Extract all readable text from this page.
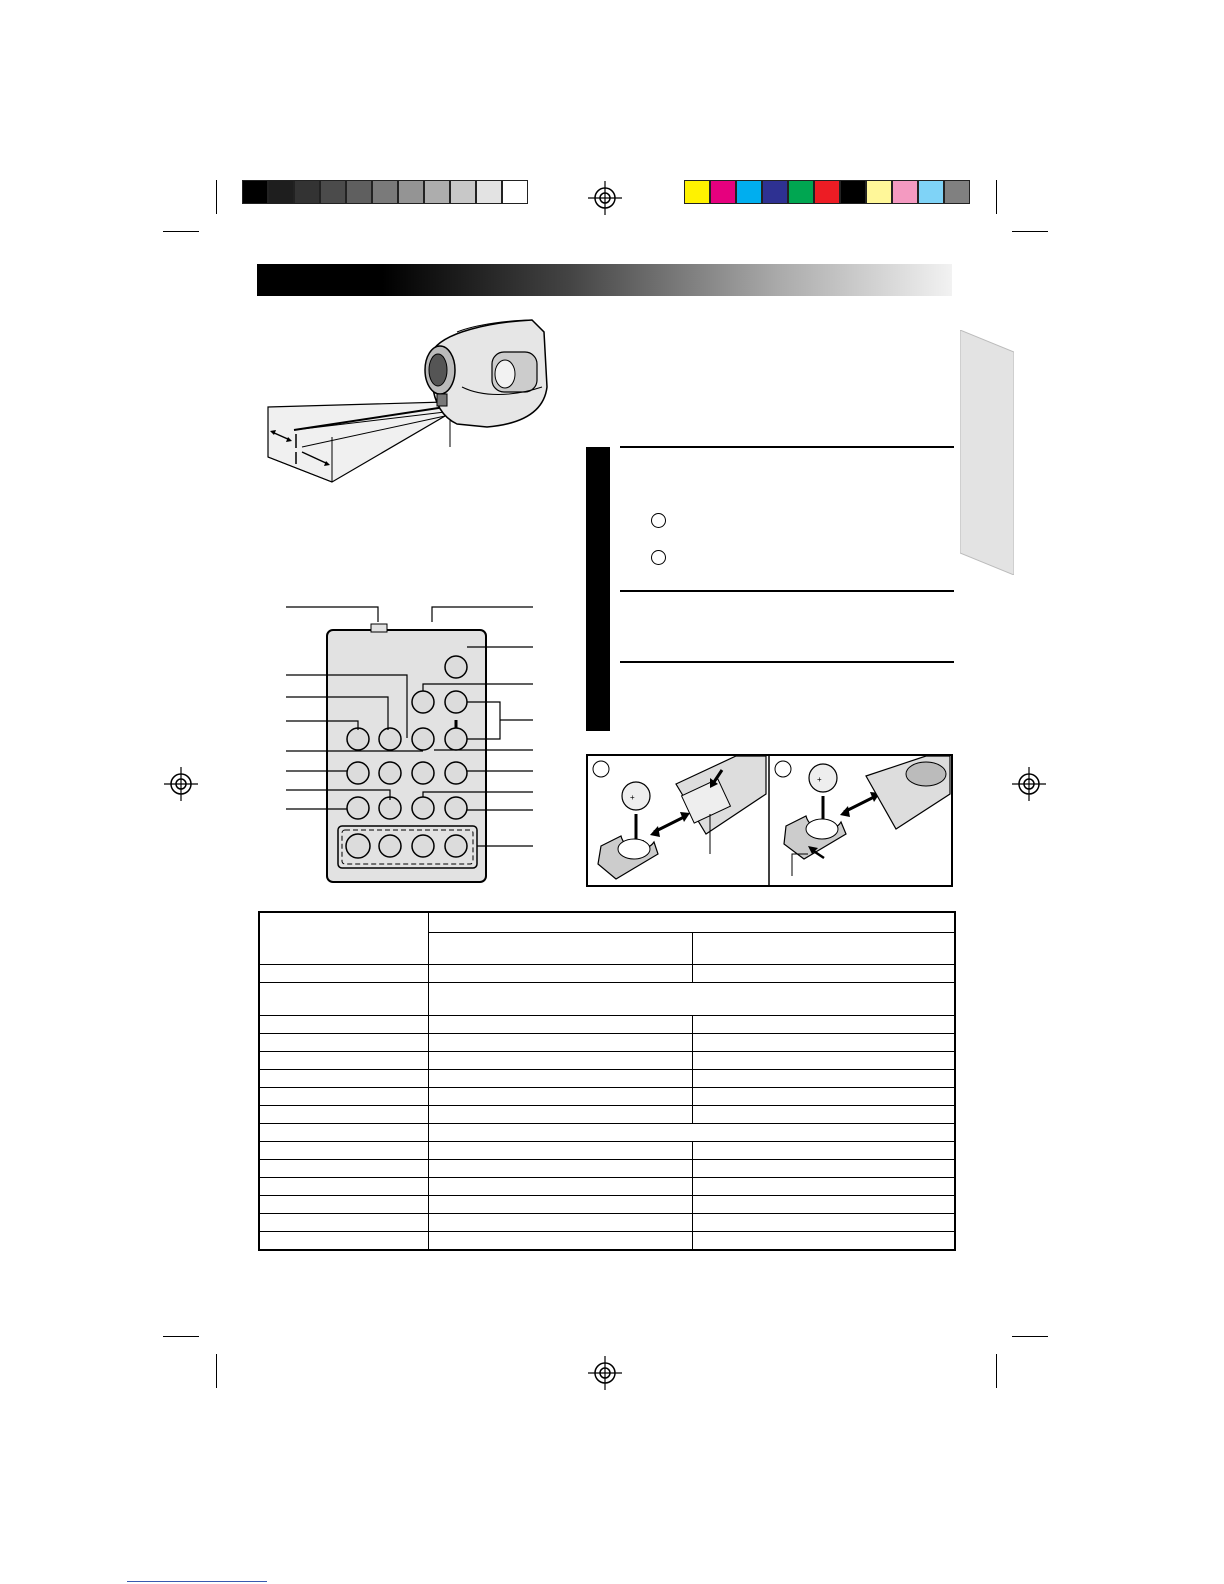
+
+
